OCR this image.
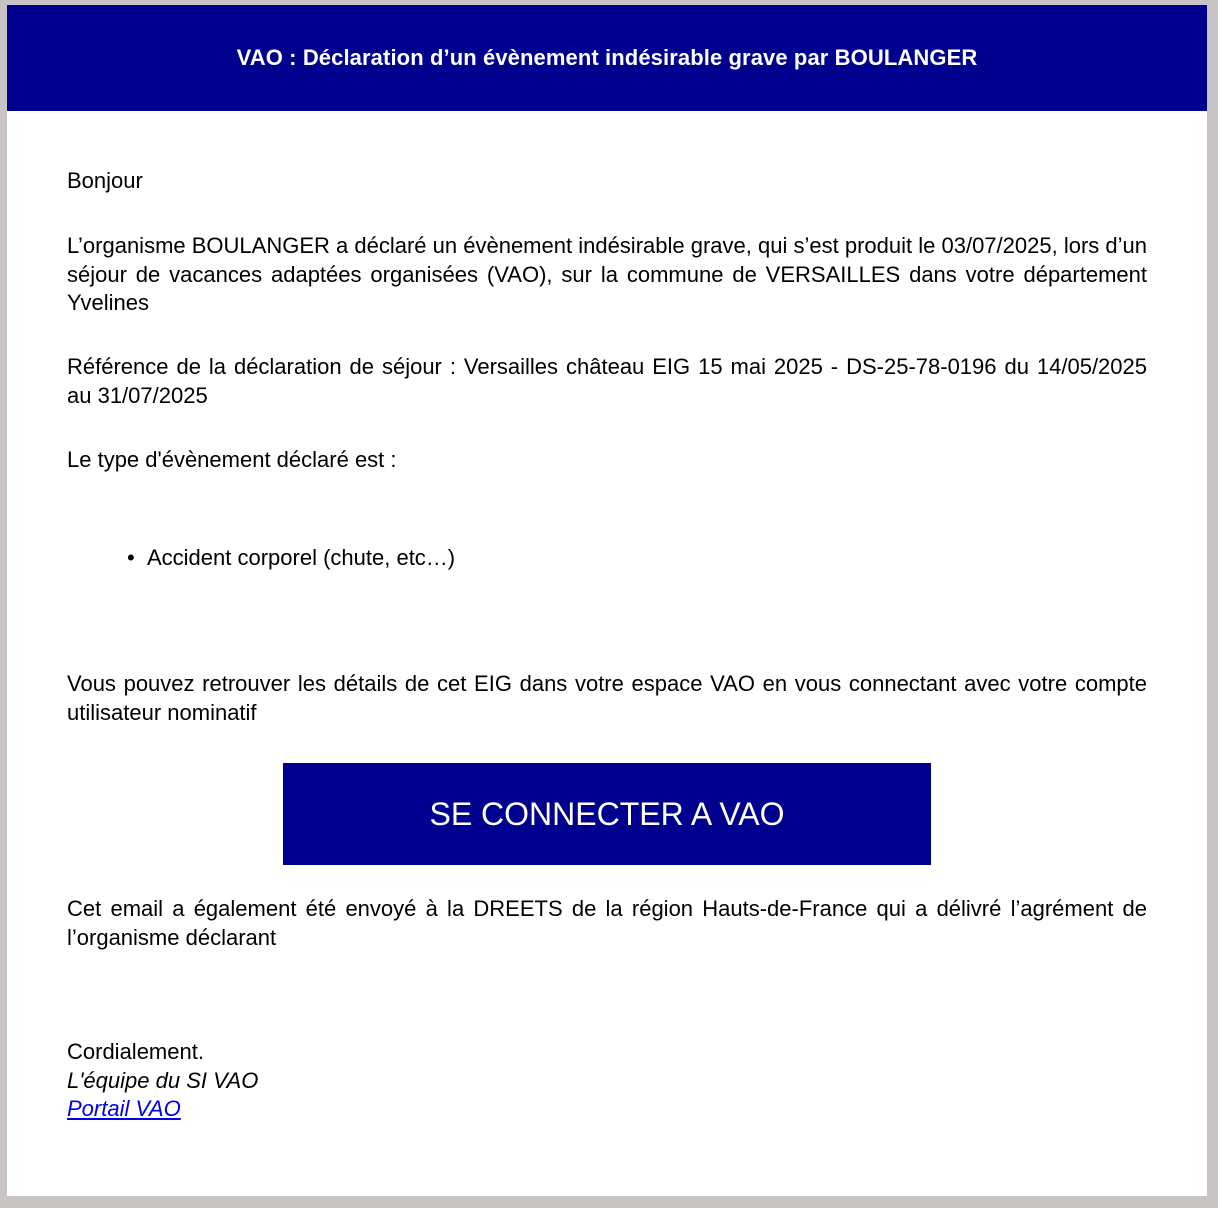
VAO : Déclaration d’un évènement indésirable grave par BOULANGER

Bonjour

L’organisme BOULANGER a déclaré un évènement indésirable grave, qui s’est produit le 03/07/2025, lors d’un séjour de vacances adaptées organisées (VAO), sur la commune de VERSAILLES dans votre département Yvelines

Référence de la déclaration de séjour : Versailles château EIG 15 mai 2025 - DS-25-78-0196 du 14/05/2025 au 31/07/2025

Le type d'évènement déclaré est :

• Accident corporel (chute, etc…)

Vous pouvez retrouver les détails de cet EIG dans votre espace VAO en vous connectant avec votre compte utilisateur nominatif

SE CONNECTER A VAO

Cet email a également été envoyé à la DREETS de la région Hauts-de-France qui a délivré l’agrément de l’organisme déclarant

Cordialement.
L'équipe du SI VAO
Portail VAO
